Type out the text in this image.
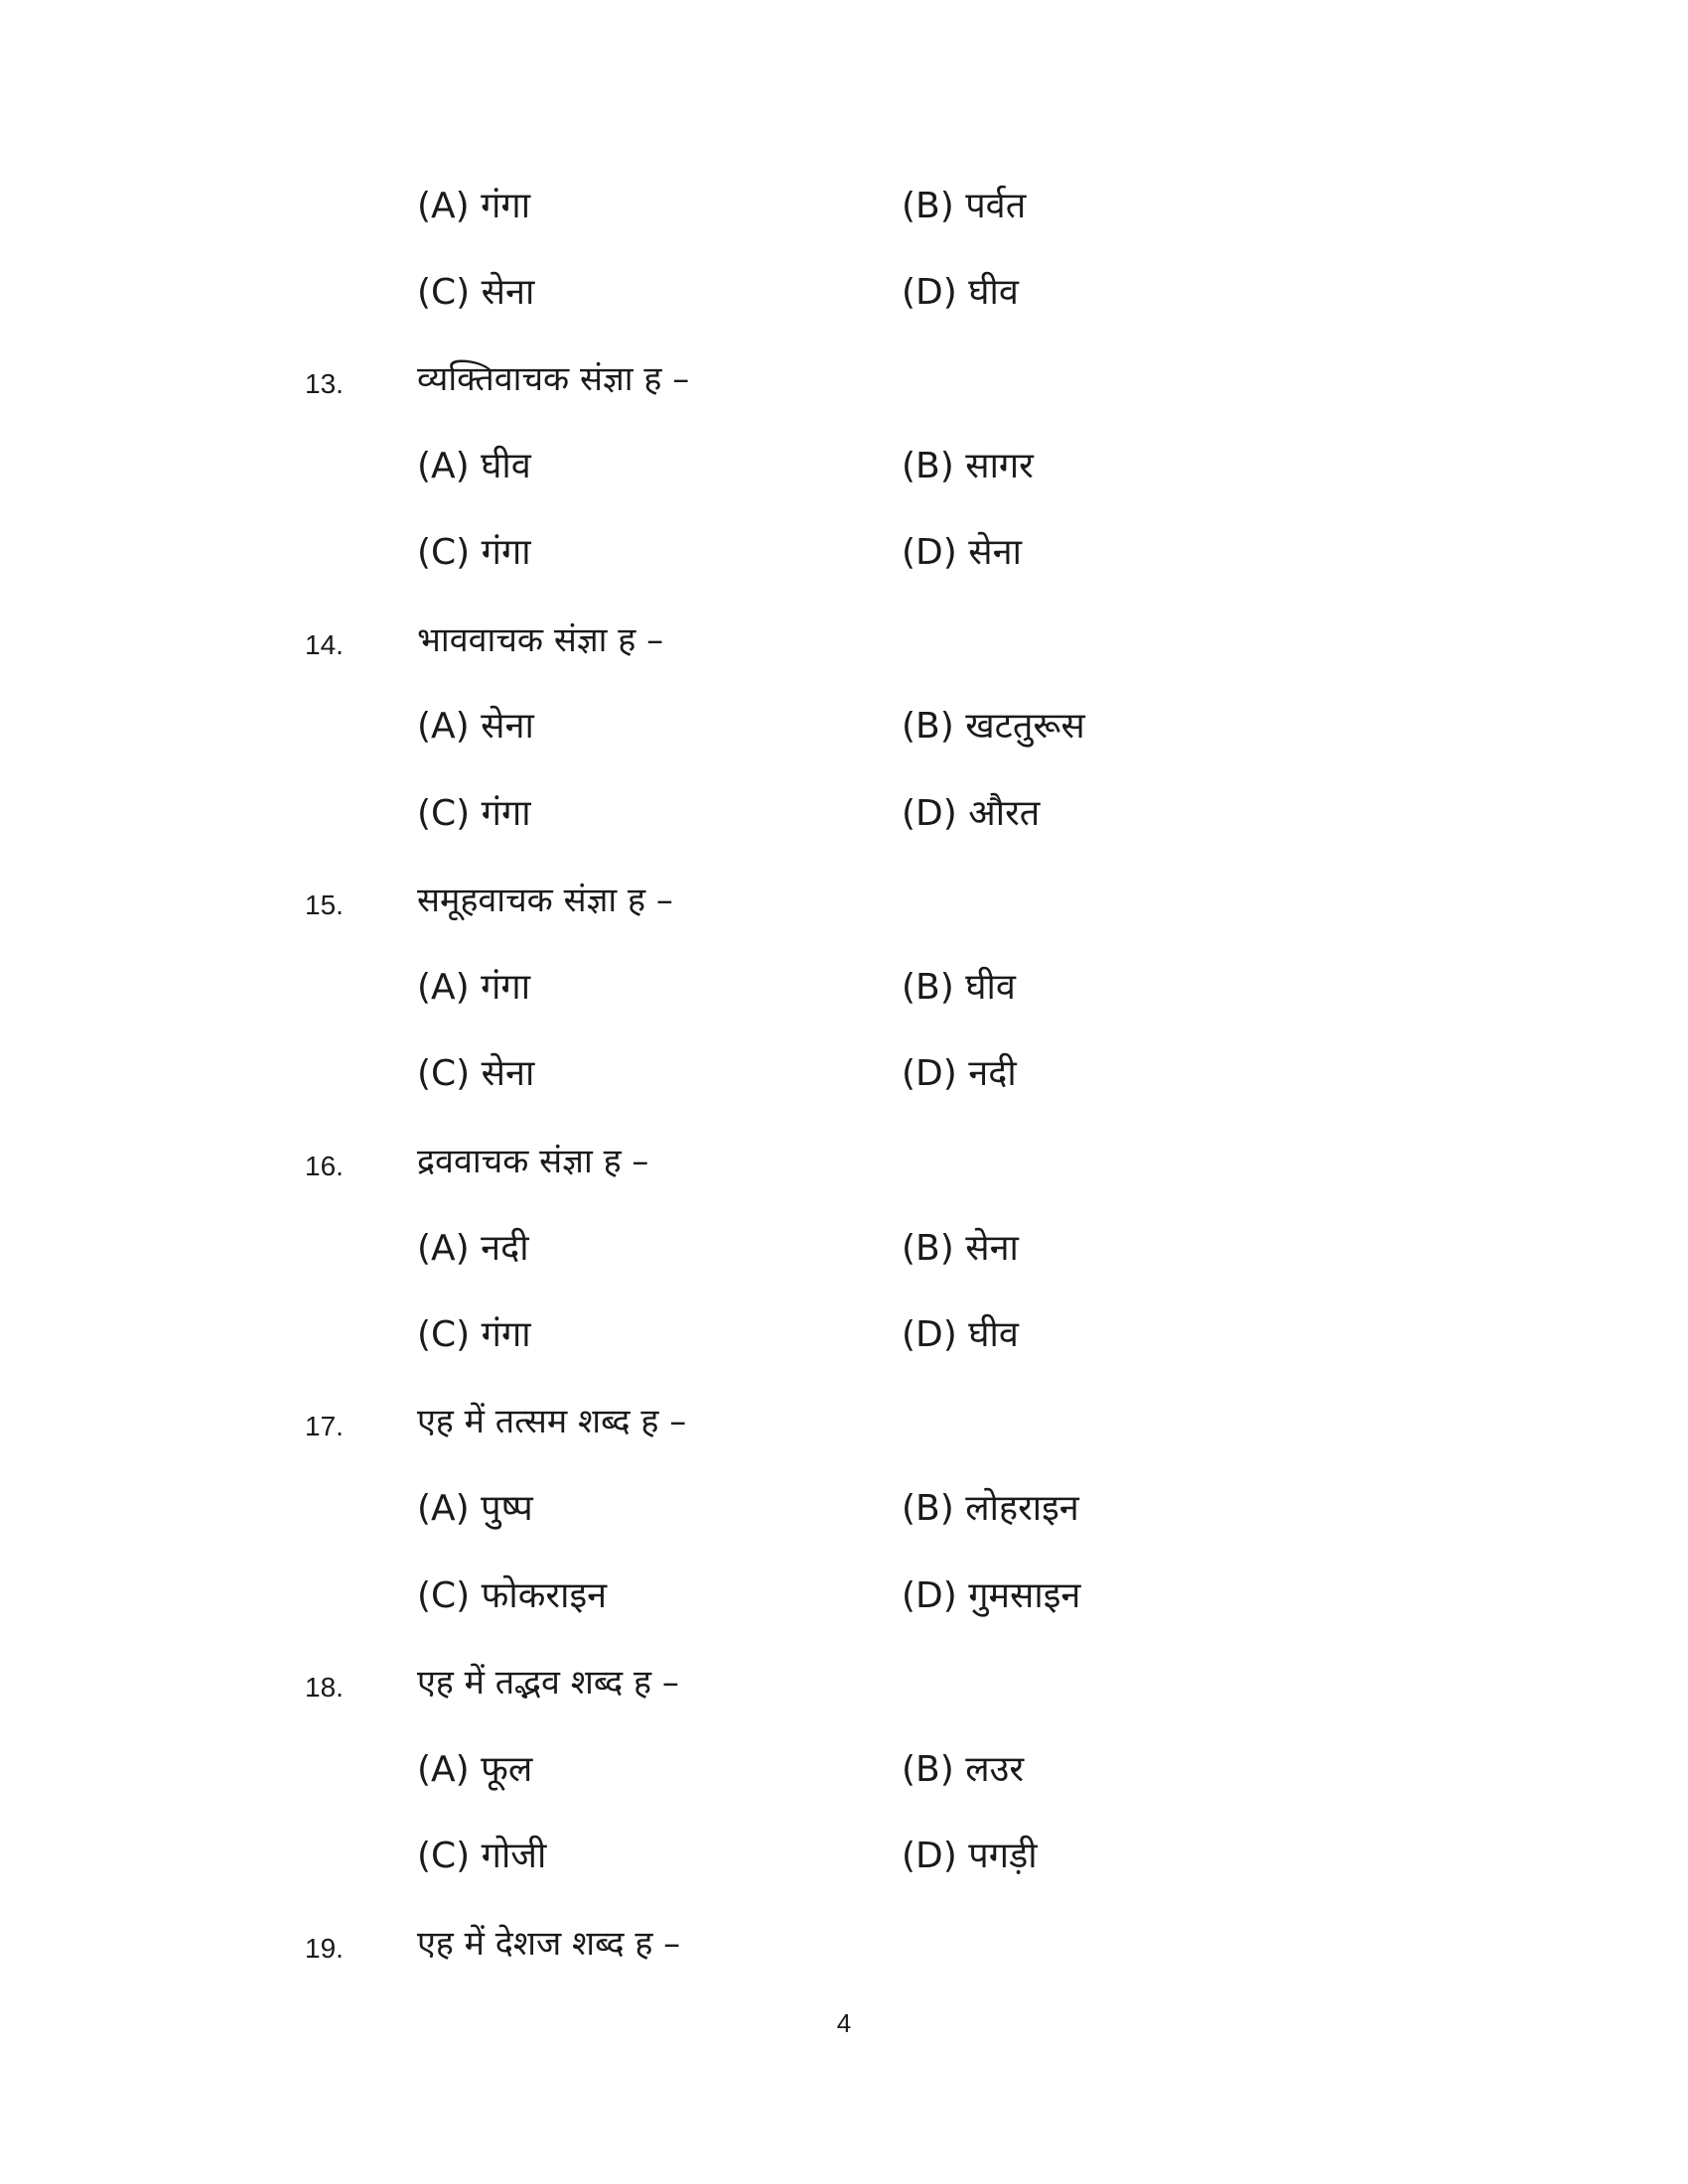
(A) गंगा	(B) पर्वत
(C) सेना	(D) घीव
13. व्यक्तिवाचक संज्ञा ह –
(A) घीव	(B) सागर
(C) गंगा	(D) सेना
14. भाववाचक संज्ञा ह –
(A) सेना	(B) खटतुरूस
(C) गंगा	(D) औरत
15. समूहवाचक संज्ञा ह –
(A) गंगा	(B) घीव
(C) सेना	(D) नदी
16. द्रववाचक संज्ञा ह –
(A) नदी	(B) सेना
(C) गंगा	(D) घीव
17. एह में तत्सम शब्द ह –
(A) पुष्प	(B) लोहराइन
(C) फोकराइन	(D) गुमसाइन
18. एह में तद्भव शब्द ह –
(A) फूल	(B) लउर
(C) गोजी	(D) पगड़ी
19. एह में देशज शब्द ह –
4
